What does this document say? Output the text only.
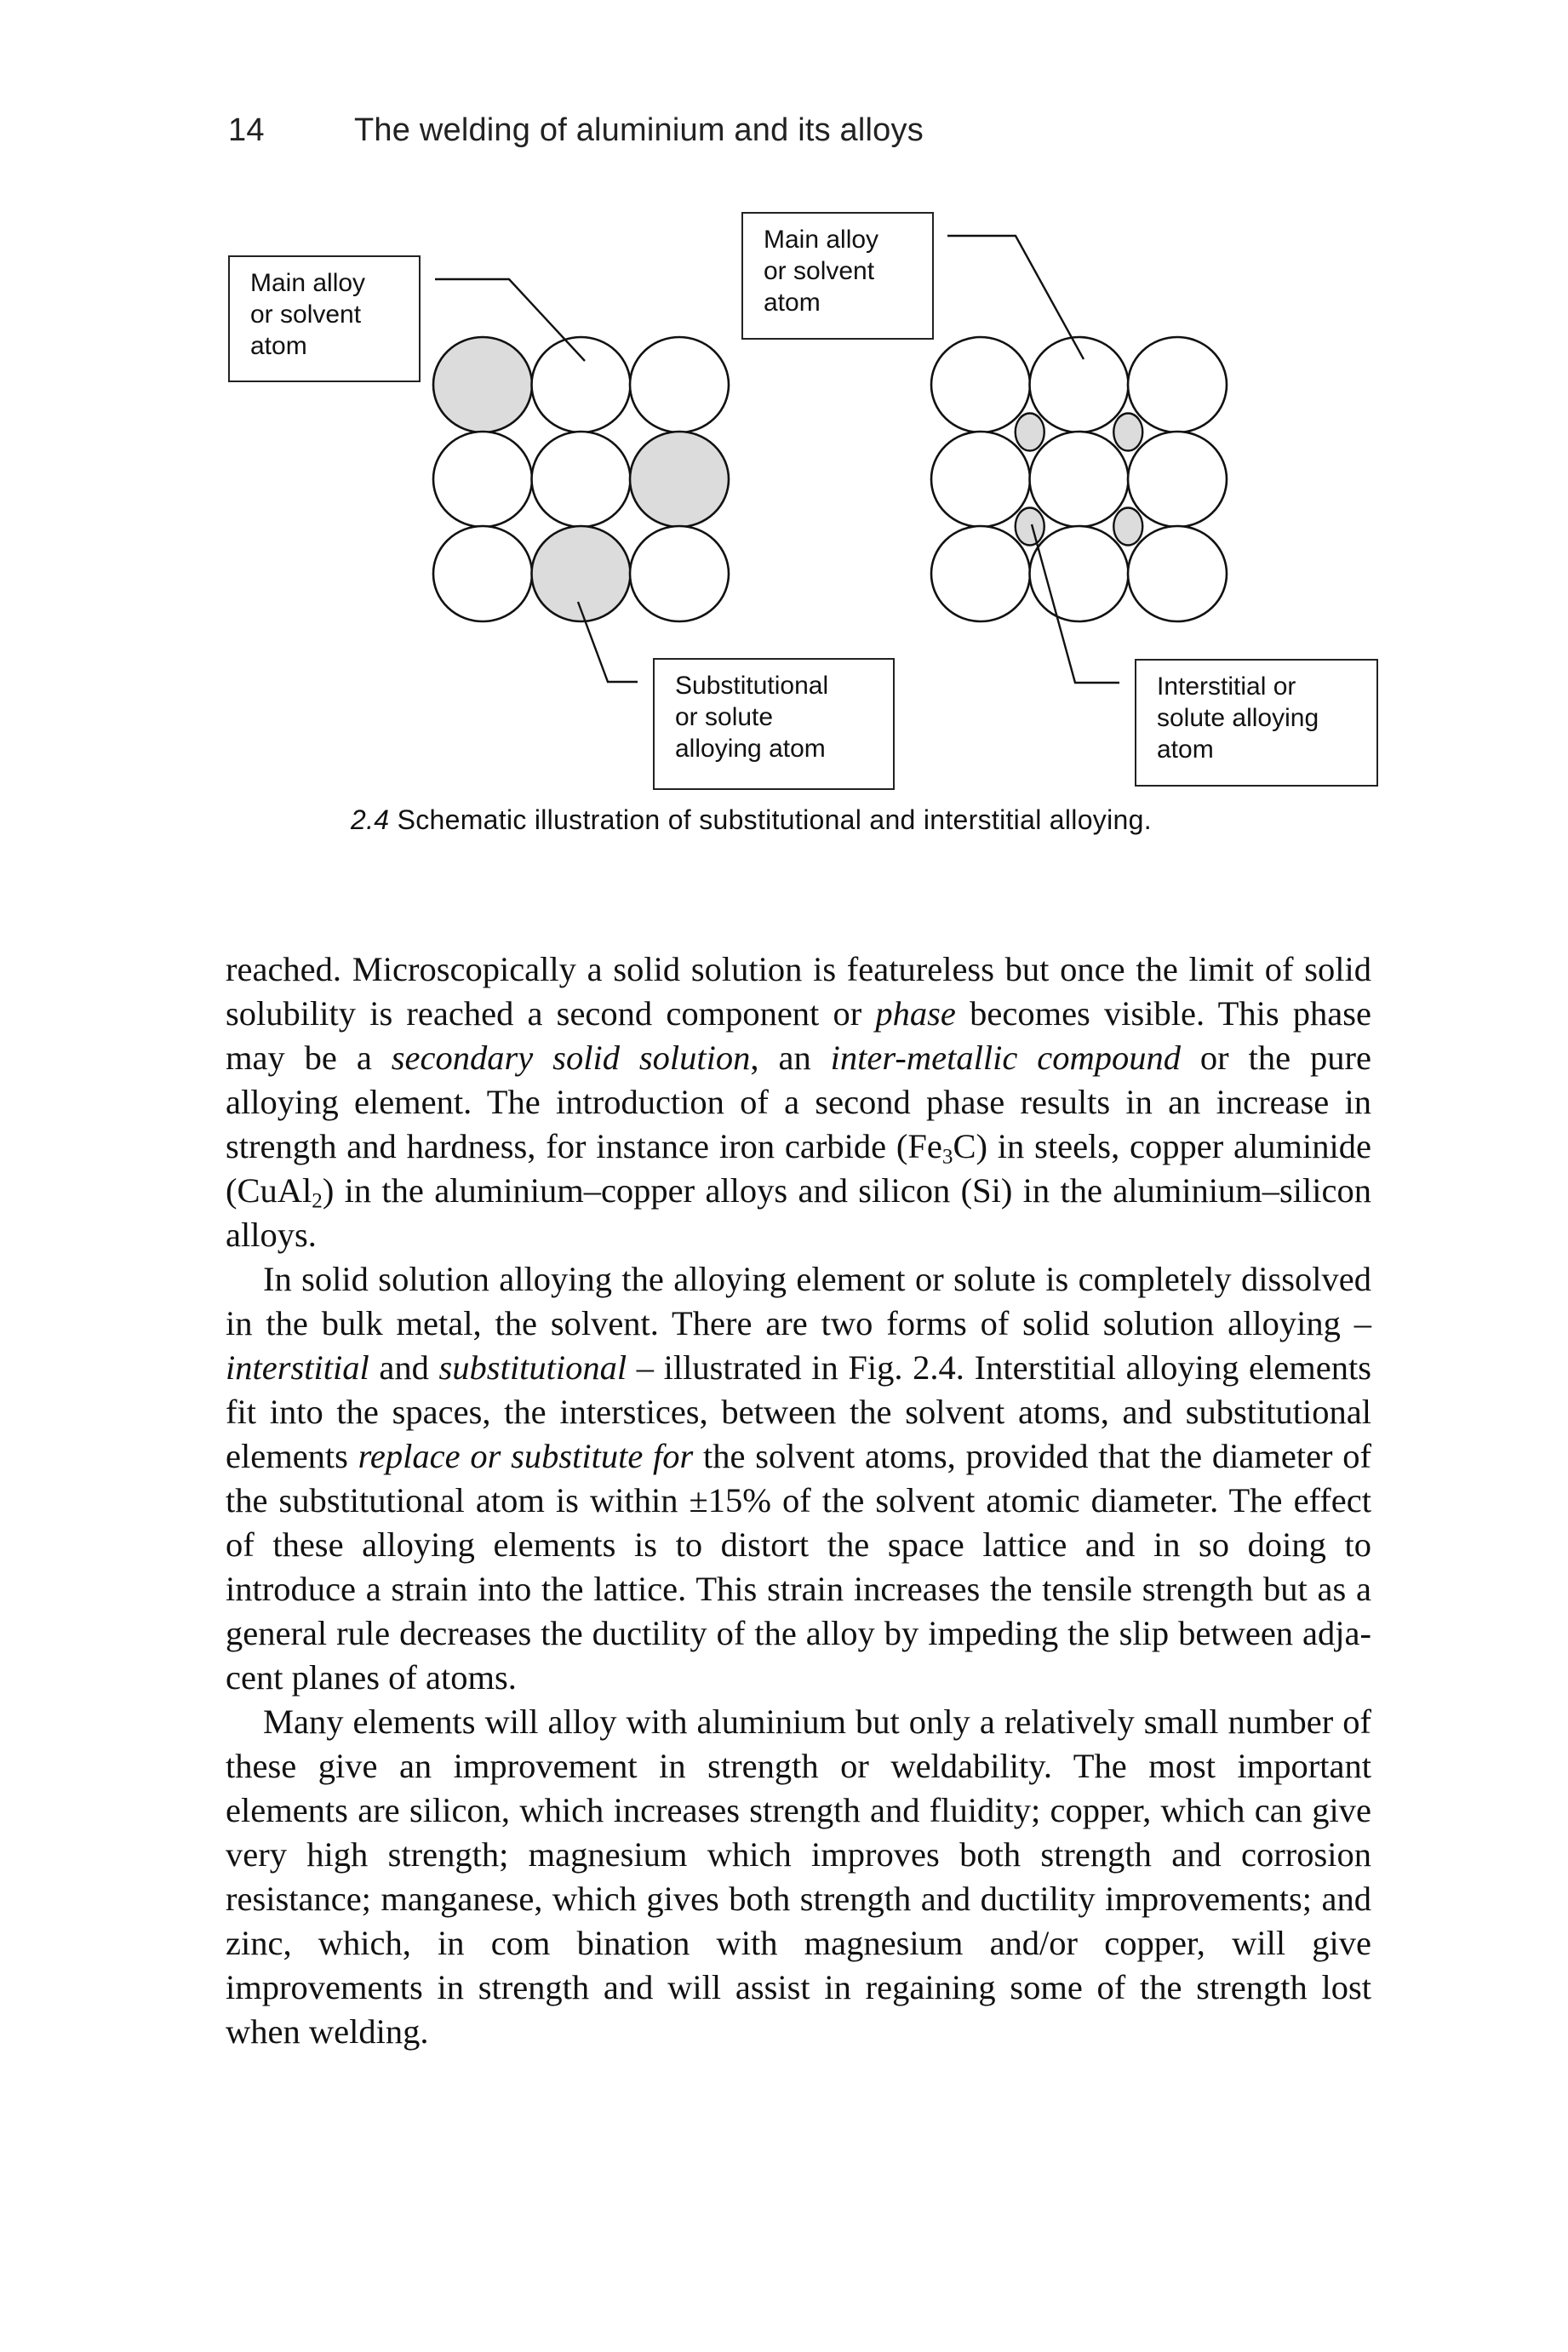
14	The welding of aluminium and its alloys
Main alloy
or solvent
atom
Main alloy
or solvent
atom
Substitutional
or solute
alloying atom
Interstitial or
solute alloying
atom
2.4 Schematic illustration of substitutional and interstitial alloying.

reached. Microscopically a solid solution is featureless but once the limit of solid solubility is reached a second component or phase becomes visible. This phase may be a secondary solid solution, an inter-metallic compound or the pure alloying element. The introduction of a second phase results in an increase in strength and hardness, for instance iron carbide $(Fe_3C)$ in steels, copper aluminide (CuAl$_2$) in the aluminium–copper alloys and silicon (Si) in the aluminium–silicon alloys.

In solid solution alloying the alloying element or solute is completely dissolved in the bulk metal, the solvent. There are two forms of solid solution alloying – interstitial and substitutional – illustrated in Fig. 2.4. Interstitial alloying elements fit into the spaces, the interstices, between the solvent atoms, and substitutional elements replace or substitute for the solvent atoms, provided that the diameter of the substitutional atom is within ±15% of the solvent atomic diameter. The effect of these alloying elements is to distort the space lattice and in so doing to introduce a strain into the lattice. This strain increases the tensile strength but as a general rule decreases the ductility of the alloy by impeding the slip between adja cent planes of atoms.

Many elements will alloy with aluminium but only a relatively small number of these give an improvement in strength or weldability. The most important elements are silicon, which increases strength and fluidity; copper, which can give very high strength; magnesium which improves both strength and corrosion resistance; manganese, which gives both strength and ductility improvements; and zinc, which, in com bination with magnesium and/or copper, will give improvements in strength and will assist in regaining some of the strength lost when welding.
